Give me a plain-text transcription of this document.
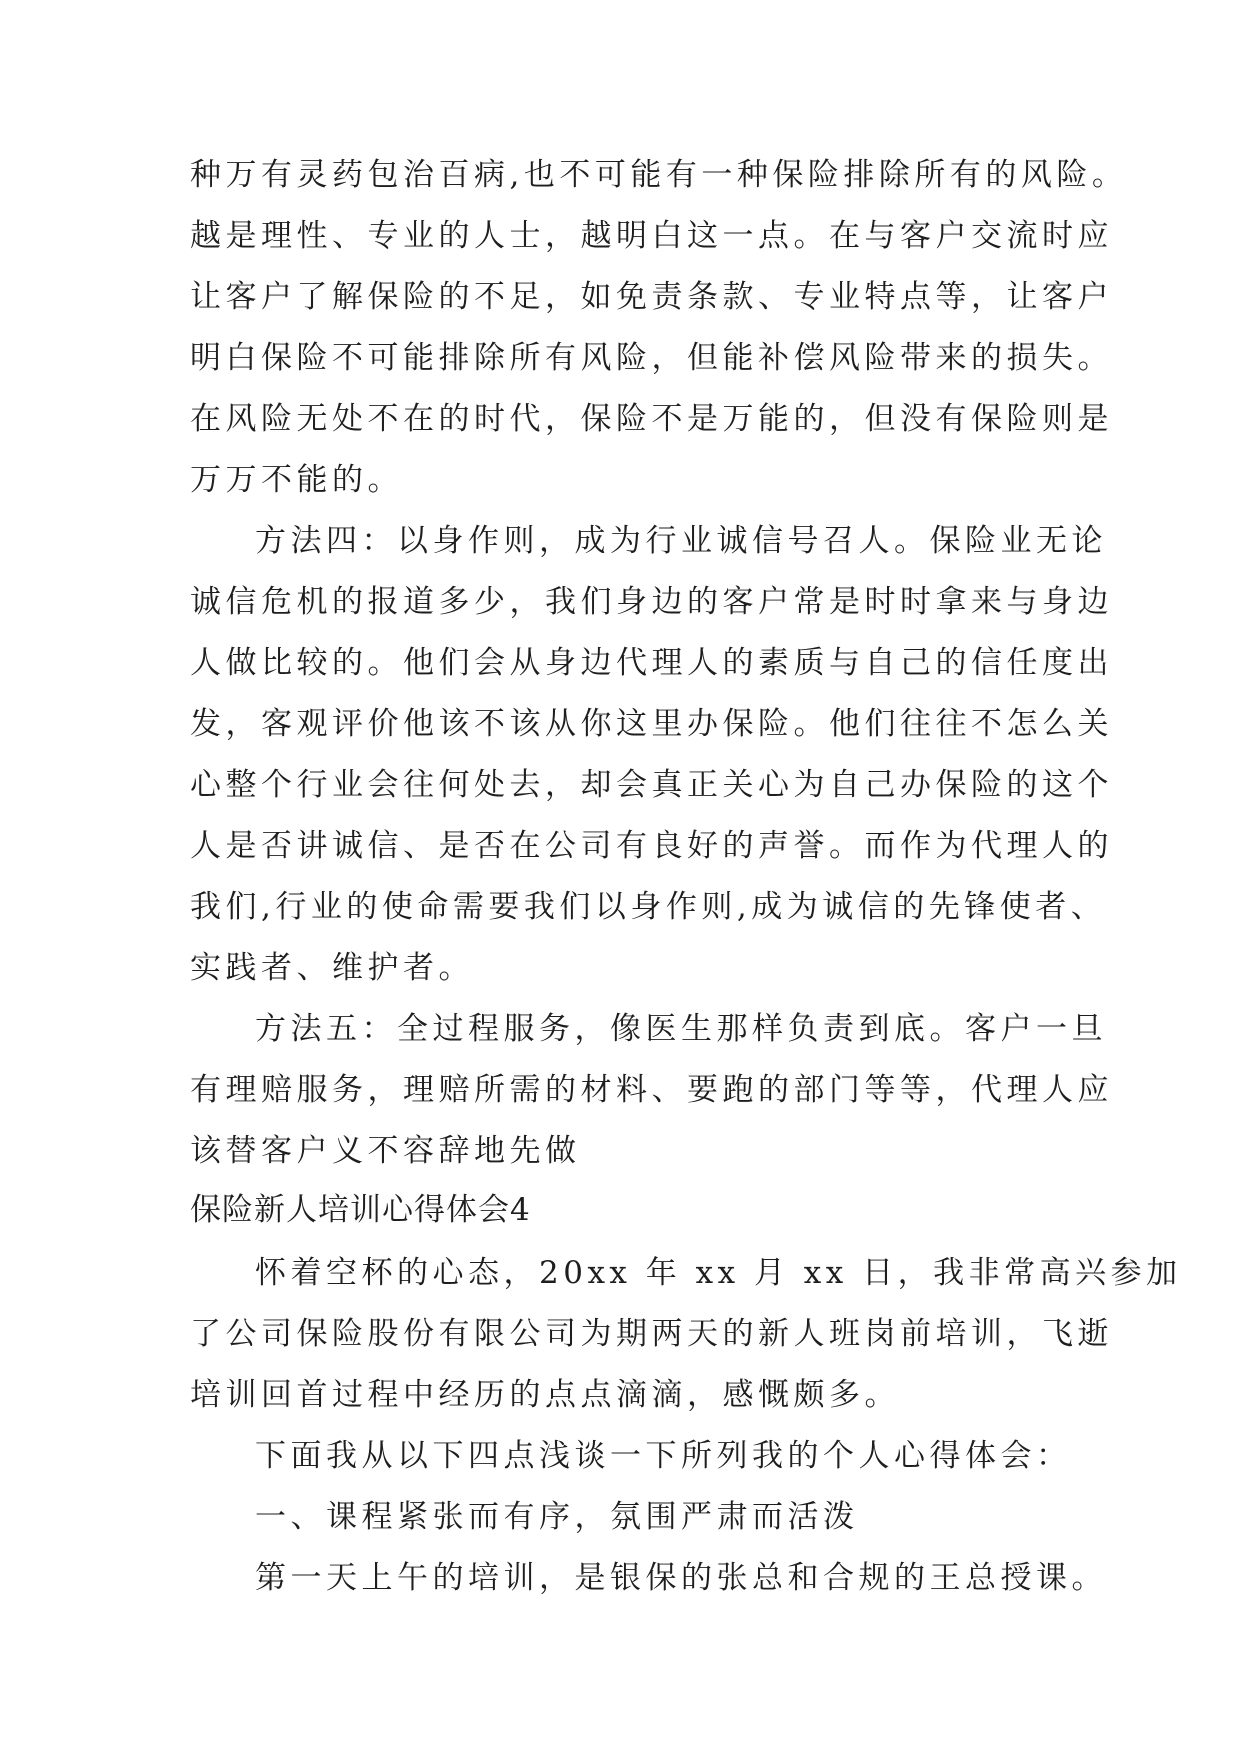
种万有灵药包治百病,也不可能有一种保险排除所有的风险。
越是理性、专业的人士，越明白这一点。在与客户交流时应
让客户了解保险的不足，如免责条款、专业特点等，让客户
明白保险不可能排除所有风险，但能补偿风险带来的损失。
在风险无处不在的时代，保险不是万能的，但没有保险则是
万万不能的。
方法四：以身作则，成为行业诚信号召人。保险业无论
诚信危机的报道多少，我们身边的客户常是时时拿来与身边
人做比较的。他们会从身边代理人的素质与自己的信任度出
发，客观评价他该不该从你这里办保险。他们往往不怎么关
心整个行业会往何处去，却会真正关心为自己办保险的这个
人是否讲诚信、是否在公司有良好的声誉。而作为代理人的
我们,行业的使命需要我们以身作则,成为诚信的先锋使者、
实践者、维护者。
方法五：全过程服务，像医生那样负责到底。客户一旦
有理赔服务，理赔所需的材料、要跑的部门等等，代理人应
该替客户义不容辞地先做
保险新人培训心得体会4
怀着空杯的心态，20xx 年 xx 月 xx 日，我非常高兴参加
了公司保险股份有限公司为期两天的新人班岗前培训，飞逝
培训回首过程中经历的点点滴滴，感慨颇多。
下面我从以下四点浅谈一下所列我的个人心得体会：
一、课程紧张而有序，氛围严肃而活泼
第一天上午的培训，是银保的张总和合规的王总授课。
